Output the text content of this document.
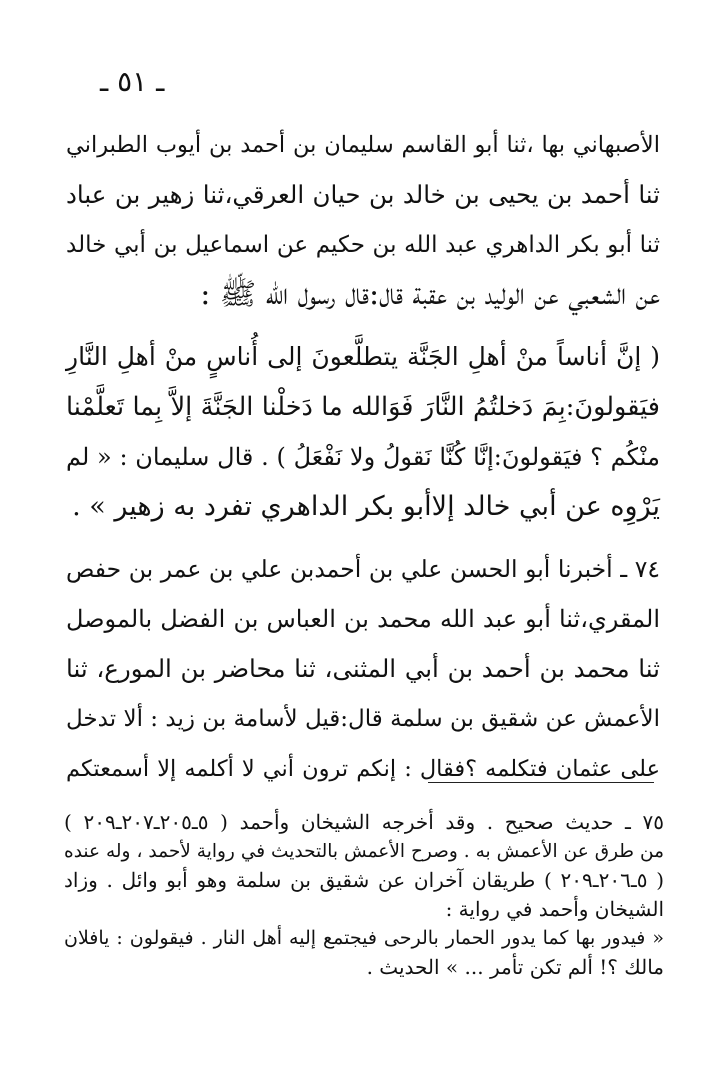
ـ ٥١ ـ
الأصبهاني بها ،ثنا أبو القاسم سليمان بن أحمد بن أيوب الطبراني
ثنا أحمد بن يحيى بن خالد بن حيان العرقي،ثنا زهير بن عباد
ثنا أبو بكر الداهري عبد الله بن حكيم عن اسماعيل بن أبي خالد
عن الشعبي عن الوليد بن عقبة قال:قال رسول الله ﷺ :
( إنَّ أناساً منْ أهلِ الجَنَّة يتطلَّعونَ إلى أُناسٍ منْ أهلِ النَّارِ
فيَقولونَ:بِمَ دَخلتُمُ النَّارَ فَوَالله ما دَخلْنا الجَنَّةَ إلاَّ بِما تَعلَّمْنا
منْكُم ؟ فيَقولونَ:إنَّا كُنَّا نَقولُ ولا نَفْعَلُ ) . قال سليمان : « لم
يَرْوِه عن أبي خالد إلاأبو بكر الداهري تفرد به زهير » .
٧٤ ـ أخبرنا أبو الحسن علي بن أحمدبن علي بن عمر بن حفص
المقري،ثنا أبو عبد الله محمد بن العباس بن الفضل بالموصل
ثنا محمد بن أحمد بن أبي المثنى، ثنا محاضر بن المورع، ثنا
الأعمش عن شقيق بن سلمة قال:قيل لأسامة بن زيد : ألا تدخل
على عثمان فتكلمه ؟فقال : إنكم ترون أني لا أكلمه إلا أسمعتكم
٧٥ ـ حديث صحيح . وقد أخرجه الشيخان وأحمد ( ٥ـ٢٠٥ـ٢٠٧ـ٢٠٩ )
من طرق عن الأعمش به . وصرح الأعمش بالتحديث في رواية لأحمد ، وله عنده
( ٥ـ٢٠٦ـ٢٠٩ ) طريقان آخران عن شقيق بن سلمة وهو أبو وائل . وزاد
الشيخان وأحمد في رواية :
« فيدور بها كما يدور الحمار بالرحى فيجتمع إليه أهل النار . فيقولون : يافلان
مالك ؟! ألم تكن تأمر ... » الحديث .
